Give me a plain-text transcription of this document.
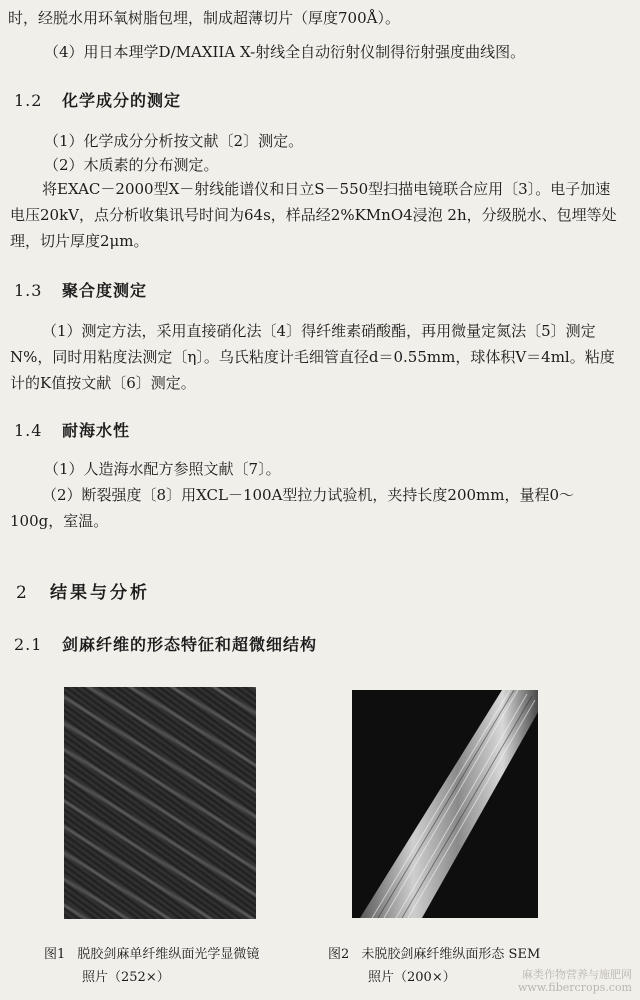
时，经脱水用环氧树脂包埋，制成超薄切片（厚度700Å）。
（4）用日本理学D/MAXIIA X-射线全自动衍射仪制得衍射强度曲线图。
1.2 化学成分的测定
（1）化学成分分析按文献〔2〕测定。
（2）木质素的分布测定。
将EXAC－2000型X－射线能谱仪和日立S－550型扫描电镜联合应用〔3〕。电子加速电压20kV，点分析收集讯号时间为64s，样品经2%KMnO4浸泡 2h，分级脱水、包埋等处理，切片厚度2μm。
1.3 聚合度测定
（1）测定方法，采用直接硝化法〔4〕得纤维素硝酸酯，再用微量定氮法〔5〕测定N%，同时用粘度法测定〔η〕。乌氏粘度计毛细管直径d＝0.55mm，球体积V＝4ml。粘度计的K值按文献〔6〕测定。
1.4 耐海水性
（1）人造海水配方参照文献〔7〕。
（2）断裂强度〔8〕用XCL－100A型拉力试验机，夹持长度200mm，量程0～100g，室温。
2 结果与分析
2.1 剑麻纤维的形态特征和超微细结构
图1 脱胶剑麻单纤维纵面光学显微镜
照片（252×）
图2 未脱胶剑麻纤维纵面形态 SEM
照片（200×）	麻类作物营养与施肥网
www.fibercrops.com
